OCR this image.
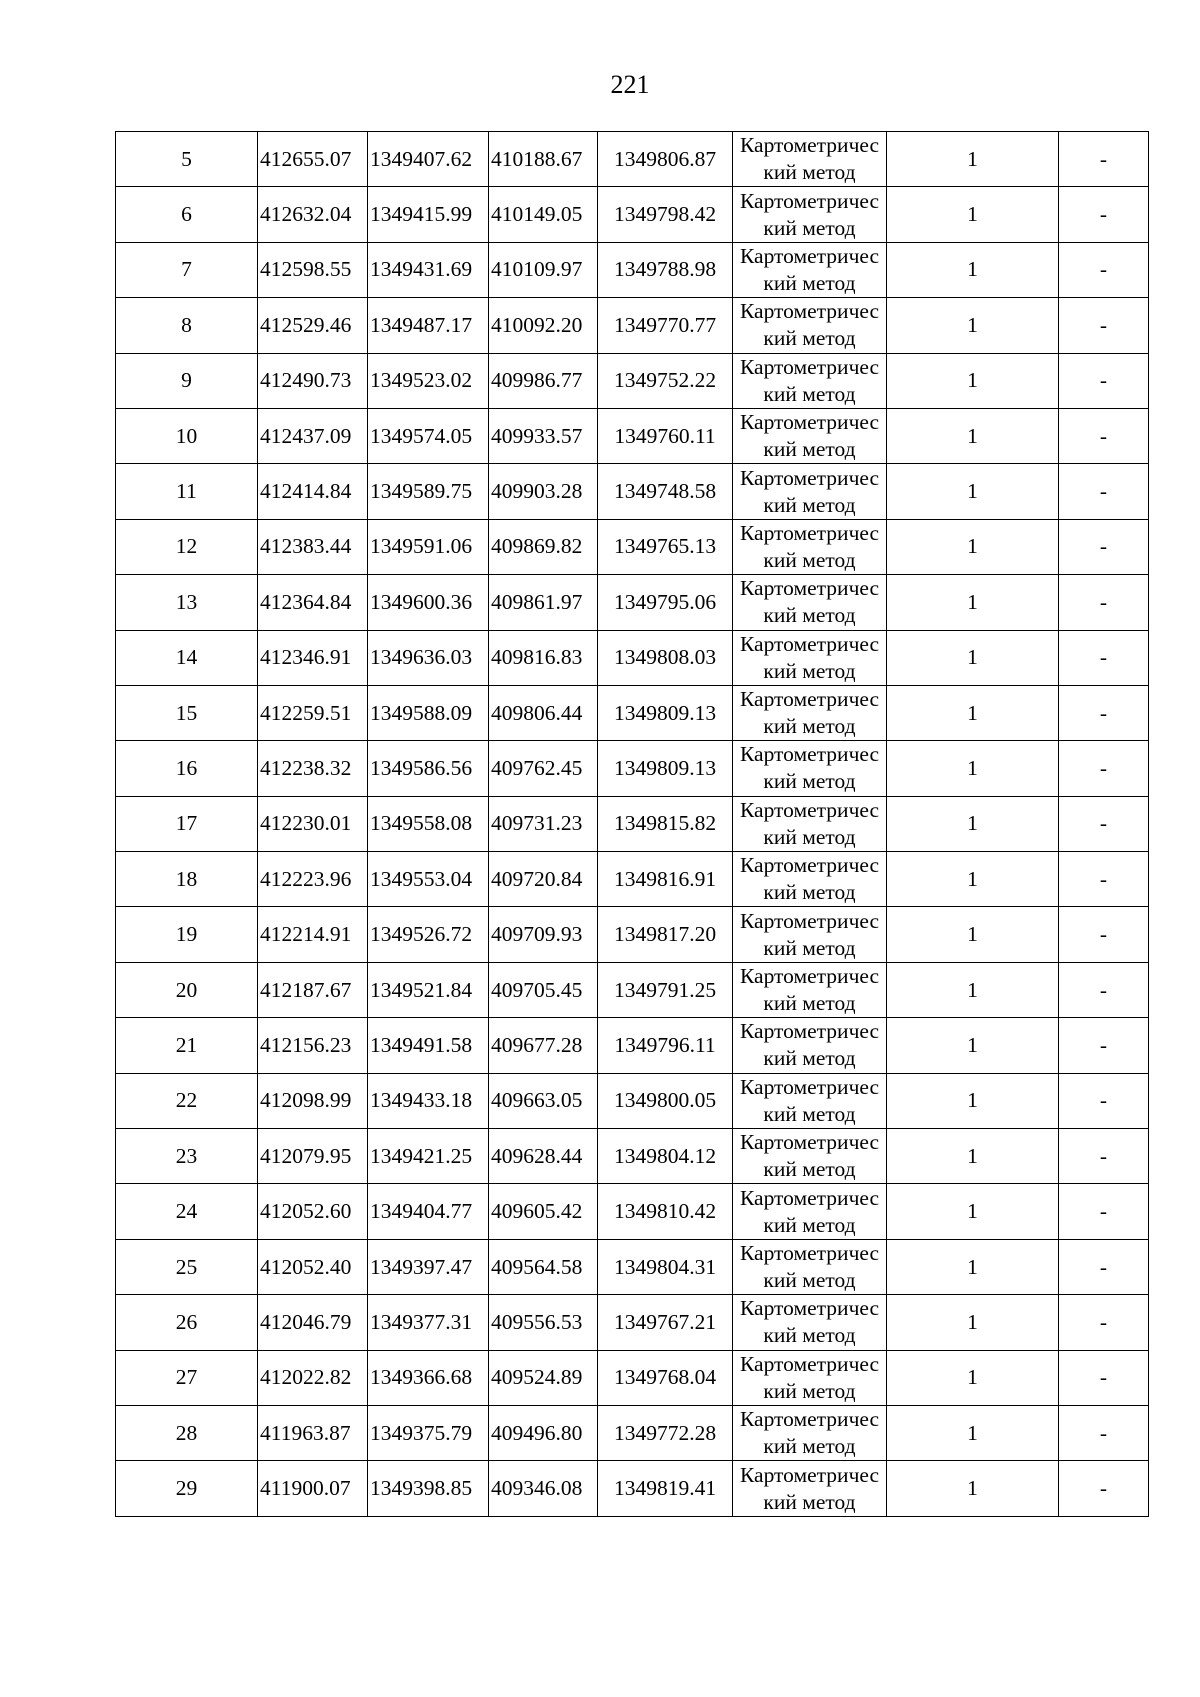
221
5	412655.07	1349407.62	410188.67	1349806.87	Картометрический метод	1	-
6	412632.04	1349415.99	410149.05	1349798.42	Картометрический метод	1	-
7	412598.55	1349431.69	410109.97	1349788.98	Картометрический метод	1	-
8	412529.46	1349487.17	410092.20	1349770.77	Картометрический метод	1	-
9	412490.73	1349523.02	409986.77	1349752.22	Картометрический метод	1	-
10	412437.09	1349574.05	409933.57	1349760.11	Картометрический метод	1	-
11	412414.84	1349589.75	409903.28	1349748.58	Картометрический метод	1	-
12	412383.44	1349591.06	409869.82	1349765.13	Картометрический метод	1	-
13	412364.84	1349600.36	409861.97	1349795.06	Картометрический метод	1	-
14	412346.91	1349636.03	409816.83	1349808.03	Картометрический метод	1	-
15	412259.51	1349588.09	409806.44	1349809.13	Картометрический метод	1	-
16	412238.32	1349586.56	409762.45	1349809.13	Картометрический метод	1	-
17	412230.01	1349558.08	409731.23	1349815.82	Картометрический метод	1	-
18	412223.96	1349553.04	409720.84	1349816.91	Картометрический метод	1	-
19	412214.91	1349526.72	409709.93	1349817.20	Картометрический метод	1	-
20	412187.67	1349521.84	409705.45	1349791.25	Картометрический метод	1	-
21	412156.23	1349491.58	409677.28	1349796.11	Картометрический метод	1	-
22	412098.99	1349433.18	409663.05	1349800.05	Картометрический метод	1	-
23	412079.95	1349421.25	409628.44	1349804.12	Картометрический метод	1	-
24	412052.60	1349404.77	409605.42	1349810.42	Картометрический метод	1	-
25	412052.40	1349397.47	409564.58	1349804.31	Картометрический метод	1	-
26	412046.79	1349377.31	409556.53	1349767.21	Картометрический метод	1	-
27	412022.82	1349366.68	409524.89	1349768.04	Картометрический метод	1	-
28	411963.87	1349375.79	409496.80	1349772.28	Картометрический метод	1	-
29	411900.07	1349398.85	409346.08	1349819.41	Картометрический метод	1	-
